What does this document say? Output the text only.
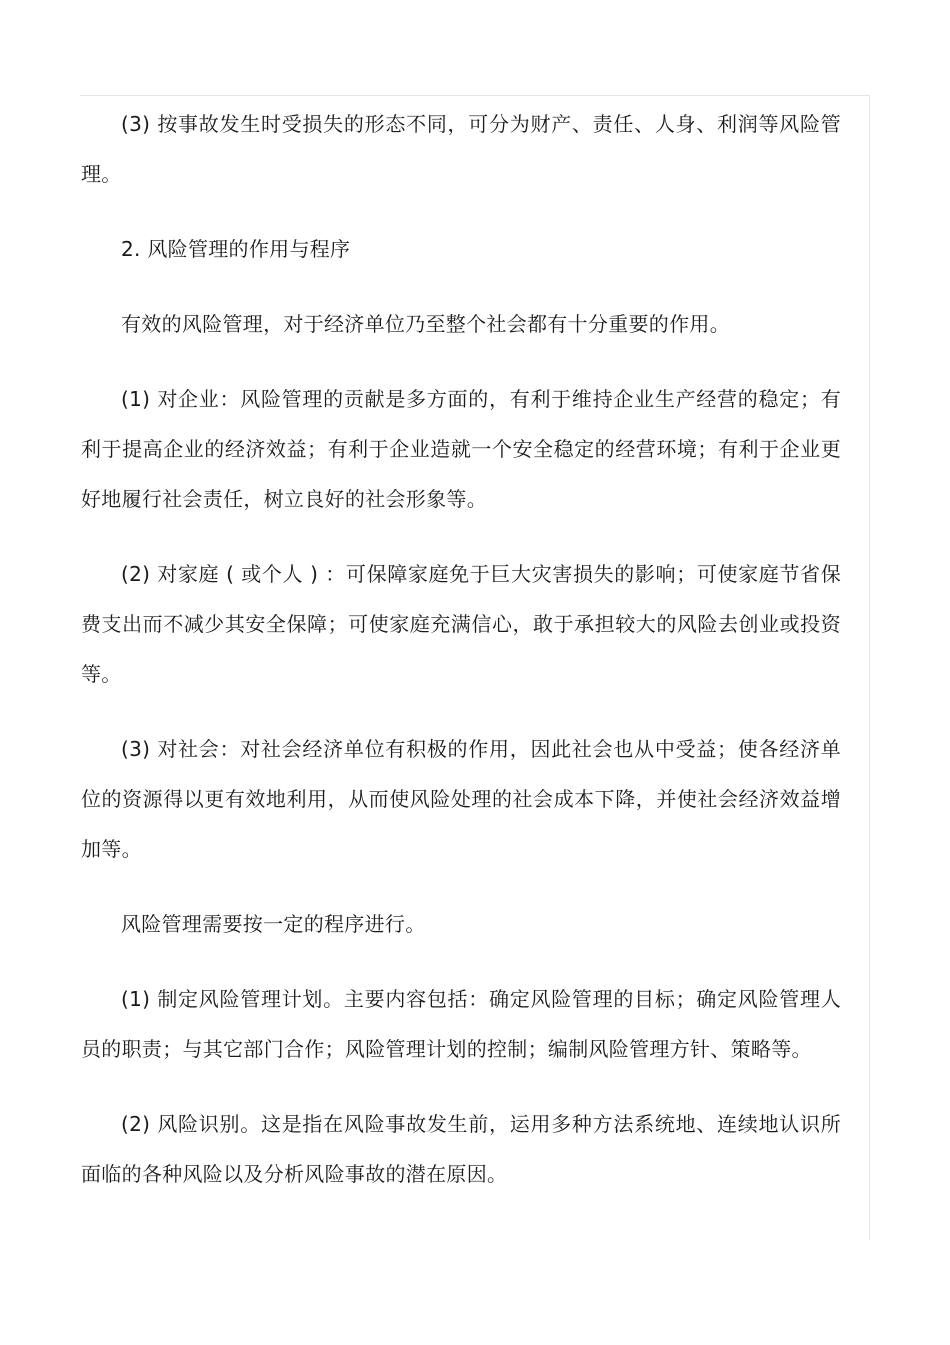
(3) 按事故发生时受损失的形态不同，可分为财产、责任、人身、利润等风险管理。

2. 风险管理的作用与程序

有效的风险管理，对于经济单位乃至整个社会都有十分重要的作用。

(1) 对企业：风险管理的贡献是多方面的，有利于维持企业生产经营的稳定；有利于提高企业的经济效益；有利于企业造就一个安全稳定的经营环境；有利于企业更好地履行社会责任，树立良好的社会形象等。

(2) 对家庭 ( 或个人 ) ：可保障家庭免于巨大灾害损失的影响；可使家庭节省保费支出而不减少其安全保障；可使家庭充满信心，敢于承担较大的风险去创业或投资等。

(3) 对社会：对社会经济单位有积极的作用，因此社会也从中受益；使各经济单位的资源得以更有效地利用，从而使风险处理的社会成本下降，并使社会经济效益增加等。

风险管理需要按一定的程序进行。

(1) 制定风险管理计划。主要内容包括：确定风险管理的目标；确定风险管理人员的职责；与其它部门合作；风险管理计划的控制；编制风险管理方针、策略等。

(2) 风险识别。这是指在风险事故发生前，运用多种方法系统地、连续地认识所面临的各种风险以及分析风险事故的潜在原因。
